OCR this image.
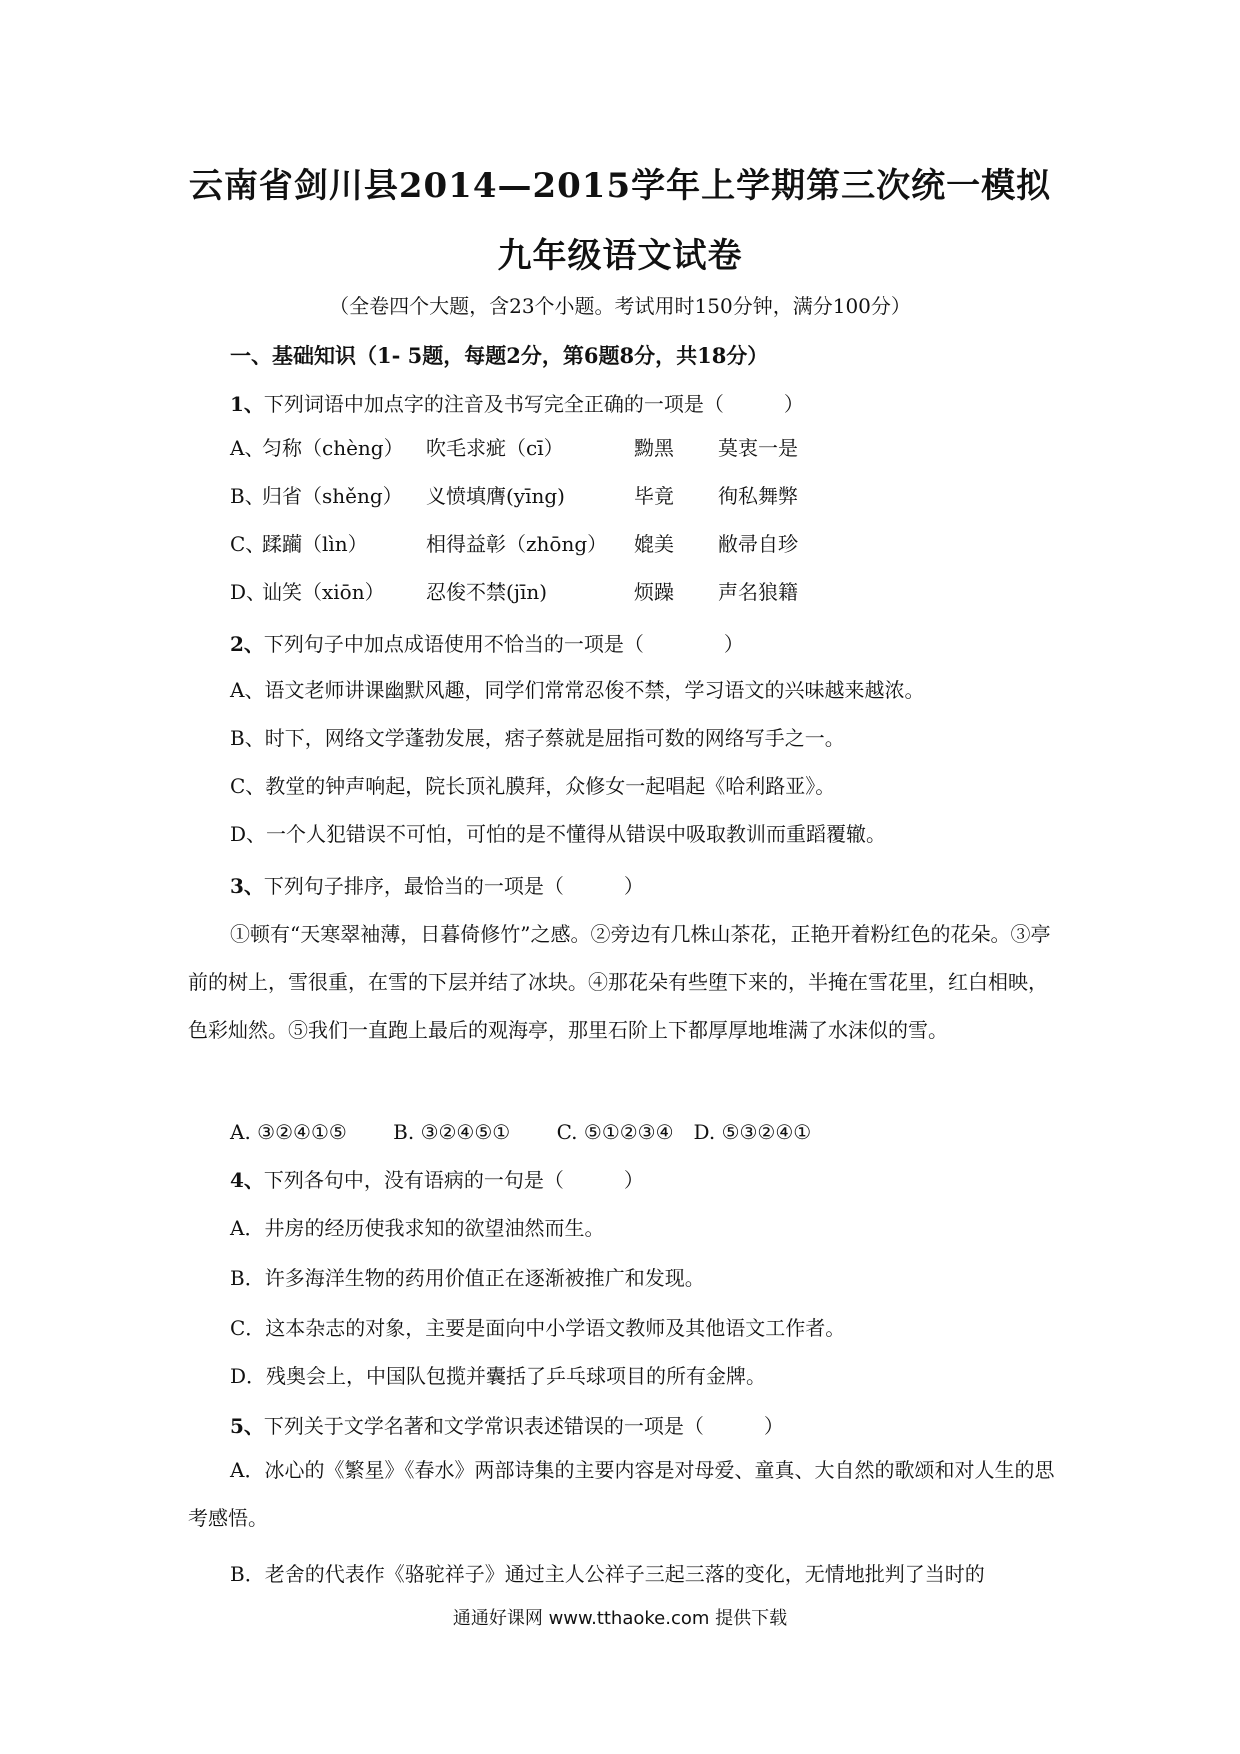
云南省剑川县2014—2015学年上学期第三次统一模拟
九年级语文试卷
（全卷四个大题，含23个小题。考试用时150分钟，满分100分）
一、基础知识（1- 5题，每题2分，第6题8分，共18分）
1、下列词语中加点字的注音及书写完全正确的一项是（　　　）
A、
匀称（chèng） 吹毛求疵（cī）	黝黑 莫衷一是
B、
归省（shěng） 义愤填膺(yīng)	毕竟 徇私舞弊
C、
蹂躏（lìn）	相得益彰（zhōng） 媲美 敝帚自珍
D、
讪笑（xiōn） 忍俊不禁(jīn)	烦躁 声名狼籍
2、下列句子中加点成语使用不恰当的一项是（　　　　）
A、语文老师讲课幽默风趣，同学们常常忍俊不禁，学习语文的兴味越来越浓。
B、时下，网络文学蓬勃发展，痞子蔡就是屈指可数的网络写手之一。
C、教堂的钟声响起，院长顶礼膜拜，众修女一起唱起《哈利路亚》。
D、一个人犯错误不可怕，可怕的是不懂得从错误中吸取教训而重蹈覆辙。
3、下列句子排序，最恰当的一项是（　　　）
①顿有“天寒翠袖薄，日暮倚修竹”之感。②旁边有几株山茶花，正艳开着粉红色的花朵。③亭前的树上，雪很重，在雪的下层并结了冰块。④那花朵有些堕下来的，半掩在雪花里，红白相映，色彩灿然。⑤我们一直跑上最后的观海亭，那里石阶上下都厚厚地堆满了水沫似的雪。
A. ③②④①⑤　　 B. ③②④⑤①　　 C. ⑤①②③④　D. ⑤③②④①
4、下列各句中，没有语病的一句是（　　　）
A．井房的经历使我求知的欲望油然而生。
B．许多海洋生物的药用价值正在逐渐被推广和发现。
C．这本杂志的对象，主要是面向中小学语文教师及其他语文工作者。
D．残奥会上，中国队包揽并囊括了乒乓球项目的所有金牌。
5、下列关于文学名著和文学常识表述错误的一项是（　　　）
A．冰心的《繁星》《春水》两部诗集的主要内容是对母爱、童真、大自然的歌颂和对人生的思考感悟。
B．老舍的代表作《骆驼祥子》通过主人公祥子三起三落的变化，无情地批判了当时的
通通好课网 www.tthaoke.com 提供下载
